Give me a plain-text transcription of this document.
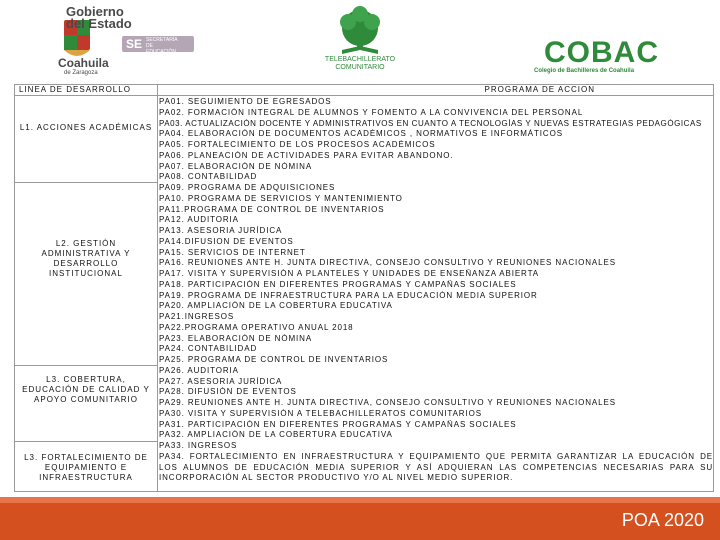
Gobierno
del Estado
SE SECRETARÍA DE EDUCACIÓN
Coahuila
de Zaragoza
TELEBACHILLERATO COMUNITARIO	COBAC
Colegio de Bachilleres de Coahuila
LINEA DE DESARROLLO	PROGRAMA DE ACCION
L1. ACCIONES ACADÉMICAS
L2. GESTIÓN ADMINISTRATIVA Y DESARROLLO INSTITUCIONAL
L3. COBERTURA, EDUCACIÓN DE CALIDAD Y APOYO COMUNITARIO
L3. FORTALECIMIENTO DE EQUIPAMIENTO E INFRAESTRUCTURA
PA01. SEGUIMIENTO DE EGRESADOS
PA02. FORMACIÓN INTEGRAL DE ALUMNOS Y FOMENTO A LA CONVIVENCIA DEL PERSONAL
PA03. ACTUALIZACIÓN DOCENTE Y ADMINISTRATIVOS EN CUANTO A TECNOLOGÍAS Y NUEVAS ESTRATEGIAS PEDAGÓGICAS
PA04. ELABORACIÓN DE DOCUMENTOS ACADÉMICOS , NORMATIVOS E INFORMÁTICOS
PA05. FORTALECIMIENTO DE LOS PROCESOS ACADÉMICOS
PA06. PLANEACIÓN DE ACTIVIDADES PARA EVITAR ABANDONO.
PA07. ELABORACIÓN DE NÓMINA
PA08. CONTABILIDAD
PA09. PROGRAMA DE ADQUISICIONES
PA10. PROGRAMA DE SERVICIOS Y MANTENIMIENTO
PA11.PROGRAMA DE CONTROL DE INVENTARIOS
PA12. AUDITORIA
PA13. ASESORIA JURÍDICA
PA14.DIFUSION DE EVENTOS
PA15. SERVICIOS DE INTERNET
PA16. REUNIONES ANTE H. JUNTA DIRECTIVA, CONSEJO CONSULTIVO Y REUNIONES NACIONALES
PA17. VISITA Y SUPERVISIÓN A PLANTELES Y UNIDADES DE ENSEÑANZA ABIERTA
PA18. PARTICIPACIÓN EN DIFERENTES PROGRAMAS Y CAMPAÑAS SOCIALES
PA19. PROGRAMA DE INFRAESTRUCTURA PARA LA EDUCACIÓN MEDIA SUPERIOR
PA20. AMPLIACIÓN DE LA COBERTURA EDUCATIVA
PA21.INGRESOS
PA22.PROGRAMA OPERATIVO ANUAL 2018
PA23. ELABORACIÓN DE NÓMINA
PA24. CONTABILIDAD
PA25. PROGRAMA DE CONTROL DE INVENTARIOS
PA26. AUDITORIA
PA27. ASESORIA JURÍDICA
PA28. DIFUSIÓN DE EVENTOS
PA29. REUNIONES ANTE H. JUNTA DIRECTIVA, CONSEJO CONSULTIVO Y REUNIONES NACIONALES
PA30. VISITA Y SUPERVISIÓN A TELEBACHILLERATOS COMUNITARIOS
PA31. PARTICIPACIÓN EN DIFERENTES PROGRAMAS Y CAMPAÑAS SOCIALES
PA32. AMPLIACIÓN DE LA COBERTURA EDUCATIVA
PA33. INGRESOS
PA34. FORTALECIMIENTO EN INFRAESTRUCTURA Y EQUIPAMIENTO QUE PERMITA GARANTIZAR LA EDUCACIÓN DE LOS ALUMNOS DE EDUCACIÓN MEDIA SUPERIOR Y ASÍ ADQUIERAN LAS COMPETENCIAS NECESARIAS PARA SU INCORPORACIÓN AL SECTOR PRODUCTIVO Y/O AL NIVEL MEDIO SUPERIOR.
POA 2020
